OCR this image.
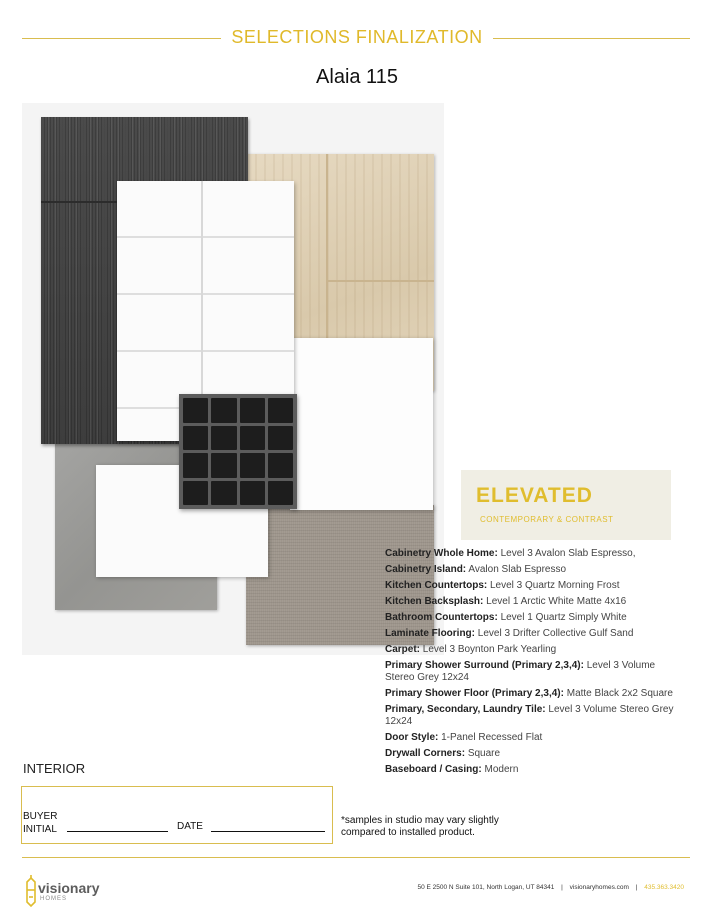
SELECTIONS FINALIZATION
Alaia 115
ELEVATED
CONTEMPORARY & CONTRAST
Cabinetry Whole Home: Level 3 Avalon Slab Espresso,
Cabinetry Island: Avalon Slab Espresso
Kitchen Countertops: Level 3 Quartz Morning Frost
Kitchen Backsplash: Level 1 Arctic White Matte 4x16
Bathroom Countertops: Level 1 Quartz Simply White
Laminate Flooring: Level 3 Drifter Collective Gulf Sand
Carpet: Level 3 Boynton Park Yearling
Primary Shower Surround (Primary 2,3,4): Level 3 Volume Stereo Grey 12x24
Primary Shower Floor (Primary 2,3,4): Matte Black 2x2 Square
Primary, Secondary, Laundry Tile: Level 3 Volume Stereo Grey 12x24
Door Style: 1-Panel Recessed Flat
Drywall Corners: Square
Baseboard / Casing: Modern
INTERIOR
BUYER
INITIAL	DATE
*samples in studio may vary slightly compared to installed product.
visionary
HOMES
50 E 2500 N Suite 101, North Logan, UT 84341 | visionaryhomes.com | 435.363.3420
